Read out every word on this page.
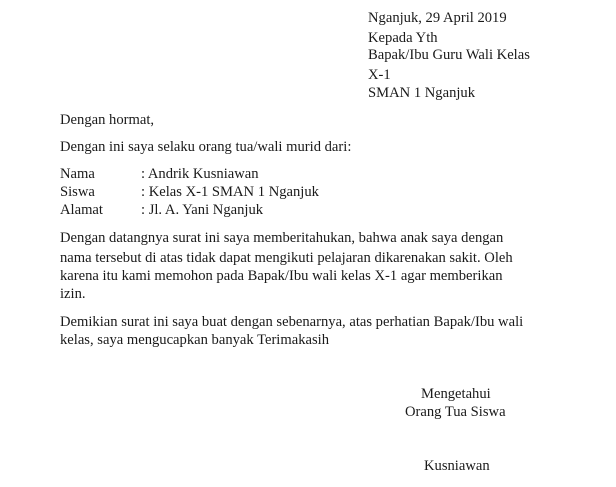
Nganjuk, 29 April 2019
Kepada Yth
Bapak/Ibu Guru Wali Kelas
X-1
SMAN 1 Nganjuk
Dengan hormat,
Dengan ini saya selaku orang tua/wali murid dari:
Nama	: Andrik Kusniawan
Siswa	: Kelas X-1 SMAN 1 Nganjuk
Alamat	: Jl. A. Yani Nganjuk
Dengan datangnya surat ini saya memberitahukan, bahwa anak saya dengan
nama tersebut di atas tidak dapat mengikuti pelajaran dikarenakan sakit. Oleh
karena itu kami memohon pada Bapak/Ibu wali kelas X-1 agar memberikan
izin.
Demikian surat ini saya buat dengan sebenarnya, atas perhatian Bapak/Ibu wali
kelas, saya mengucapkan banyak Terimakasih
Mengetahui
Orang Tua Siswa
Kusniawan
